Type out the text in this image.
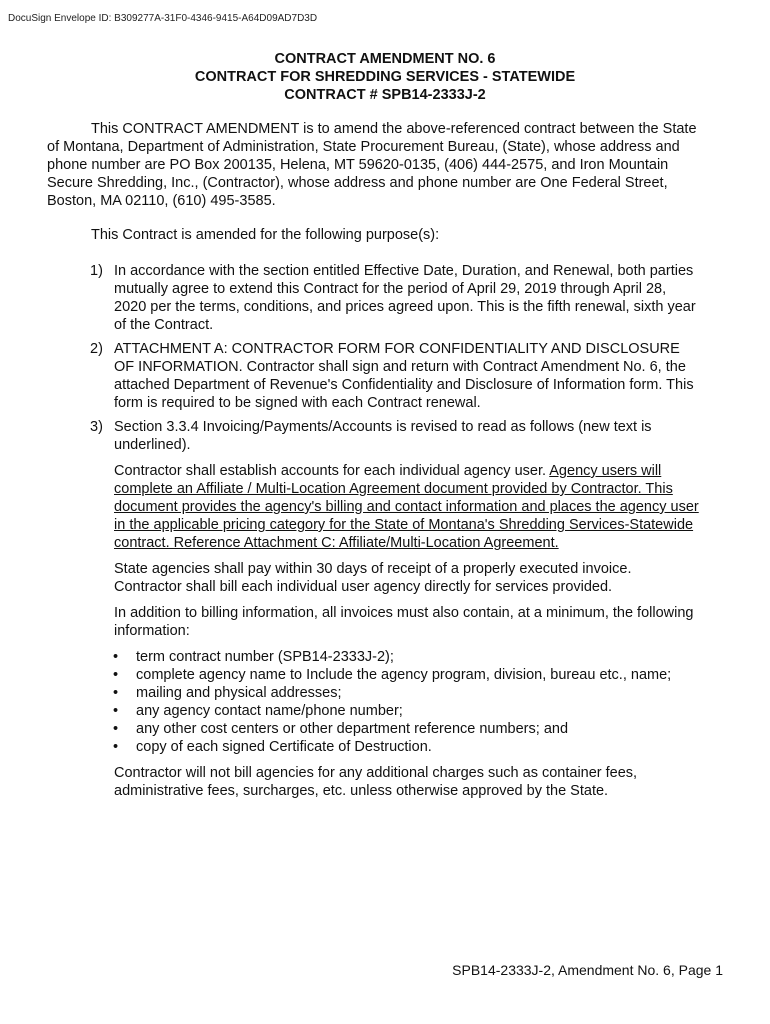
DocuSign Envelope ID: B309277A-31F0-4346-9415-A64D09AD7D3D
CONTRACT AMENDMENT NO. 6
CONTRACT FOR SHREDDING SERVICES - STATEWIDE
CONTRACT # SPB14-2333J-2
This CONTRACT AMENDMENT is to amend the above-referenced contract between the State
of Montana, Department of Administration, State Procurement Bureau, (State), whose address and
phone number are PO Box 200135, Helena, MT 59620-0135, (406) 444-2575, and Iron Mountain
Secure Shredding, Inc., (Contractor), whose address and phone number are One Federal Street,
Boston, MA 02110, (610) 495-3585.
This Contract is amended for the following purpose(s):
1) In accordance with the section entitled Effective Date, Duration, and Renewal, both parties
mutually agree to extend this Contract for the period of April 29, 2019 through April 28,
2020 per the terms, conditions, and prices agreed upon. This is the fifth renewal, sixth year
of the Contract.
2) ATTACHMENT A: CONTRACTOR FORM FOR CONFIDENTIALITY AND DISCLOSURE
OF INFORMATION. Contractor shall sign and return with Contract Amendment No. 6, the
attached Department of Revenue's Confidentiality and Disclosure of Information form. This
form is required to be signed with each Contract renewal.
3) Section 3.3.4 Invoicing/Payments/Accounts is revised to read as follows (new text is
underlined).
Contractor shall establish accounts for each individual agency user. Agency users will
complete an Affiliate / Multi-Location Agreement document provided by Contractor. This
document provides the agency's billing and contact information and places the agency user
in the applicable pricing category for the State of Montana's Shredding Services-Statewide
contract. Reference Attachment C: Affiliate/Multi-Location Agreement.
State agencies shall pay within 30 days of receipt of a properly executed invoice.
Contractor shall bill each individual user agency directly for services provided.
In addition to billing information, all invoices must also contain, at a minimum, the following
information:
• term contract number (SPB14-2333J-2);
• complete agency name to Include the agency program, division, bureau etc., name;
• mailing and physical addresses;
• any agency contact name/phone number;
• any other cost centers or other department reference numbers; and
• copy of each signed Certificate of Destruction.
Contractor will not bill agencies for any additional charges such as container fees,
administrative fees, surcharges, etc. unless otherwise approved by the State.
SPB14-2333J-2, Amendment No. 6, Page 1
